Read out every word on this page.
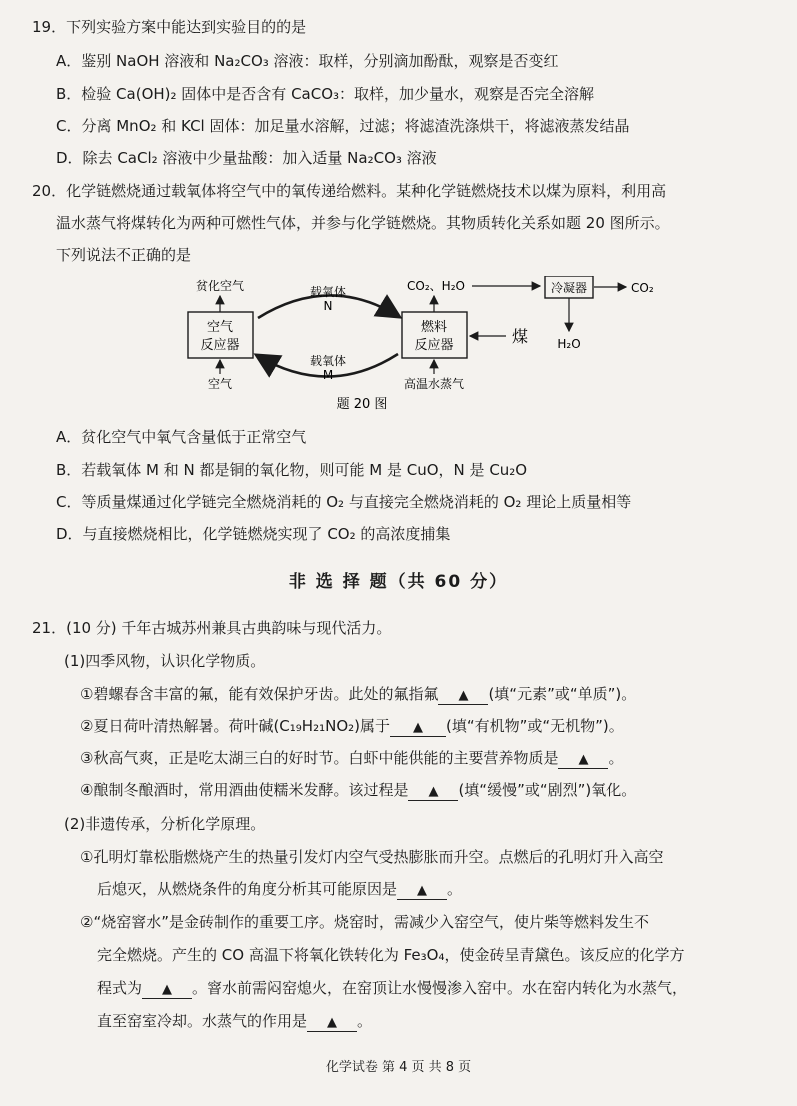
19．下列实验方案中能达到实验目的的是
A．鉴别 NaOH 溶液和 Na₂CO₃ 溶液：取样，分别滴加酚酞，观察是否变红
B．检验 Ca(OH)₂ 固体中是否含有 CaCO₃：取样，加少量水，观察是否完全溶解
C．分离 MnO₂ 和 KCl 固体：加足量水溶解，过滤；将滤渣洗涤烘干，将滤液蒸发结晶
D．除去 CaCl₂ 溶液中少量盐酸：加入适量 Na₂CO₃ 溶液
20．化学链燃烧通过载氧体将空气中的氧传递给燃料。某种化学链燃烧技术以煤为原料，利用高
温水蒸气将煤转化为两种可燃性气体，并参与化学链燃烧。其物质转化关系如题 20 图所示。
下列说法不正确的是
空气
反应器
贫化空气
空气
载氧体
N
载氧体
M
燃料
反应器
CO₂、H₂O
煤
高温水蒸气
冷凝器	CO₂
H₂O
题 20 图
A．贫化空气中氧气含量低于正常空气
B．若载氧体 M 和 N 都是铜的氧化物，则可能 M 是 CuO，N 是 Cu₂O
C．等质量煤通过化学链完全燃烧消耗的 O₂ 与直接完全燃烧消耗的 O₂ 理论上质量相等
D．与直接燃烧相比，化学链燃烧实现了 CO₂ 的高浓度捕集
非 选 择 题（共 60 分）
21．(10 分) 千年古城苏州兼具古典韵味与现代活力。
(1)四季风物，认识化学物质。
①碧螺春含丰富的氟，能有效保护牙齿。此处的氟指氟 ▲ (填“元素”或“单质”)。
②夏日荷叶清热解暑。荷叶碱(C₁₉H₂₁NO₂)属于 ▲ (填“有机物”或“无机物”)。
③秋高气爽，正是吃太湖三白的好时节。白虾中能供能的主要营养物质是 ▲ 。
④酿制冬酿酒时，常用酒曲使糯米发酵。该过程是 ▲ (填“缓慢”或“剧烈”)氧化。
(2)非遗传承，分析化学原理。
①孔明灯靠松脂燃烧产生的热量引发灯内空气受热膨胀而升空。点燃后的孔明灯升入高空
后熄灭，从燃烧条件的角度分析其可能原因是 ▲ 。
②“烧窑窨水”是金砖制作的重要工序。烧窑时，需减少入窑空气，使片柴等燃料发生不
完全燃烧。产生的 CO 高温下将氧化铁转化为 Fe₃O₄，使金砖呈青黛色。该反应的化学方
程式为 ▲ 。窨水前需闷窑熄火，在窑顶让水慢慢渗入窑中。水在窑内转化为水蒸气，
直至窑室冷却。水蒸气的作用是 ▲ 。
化学试卷 第 4 页 共 8 页
